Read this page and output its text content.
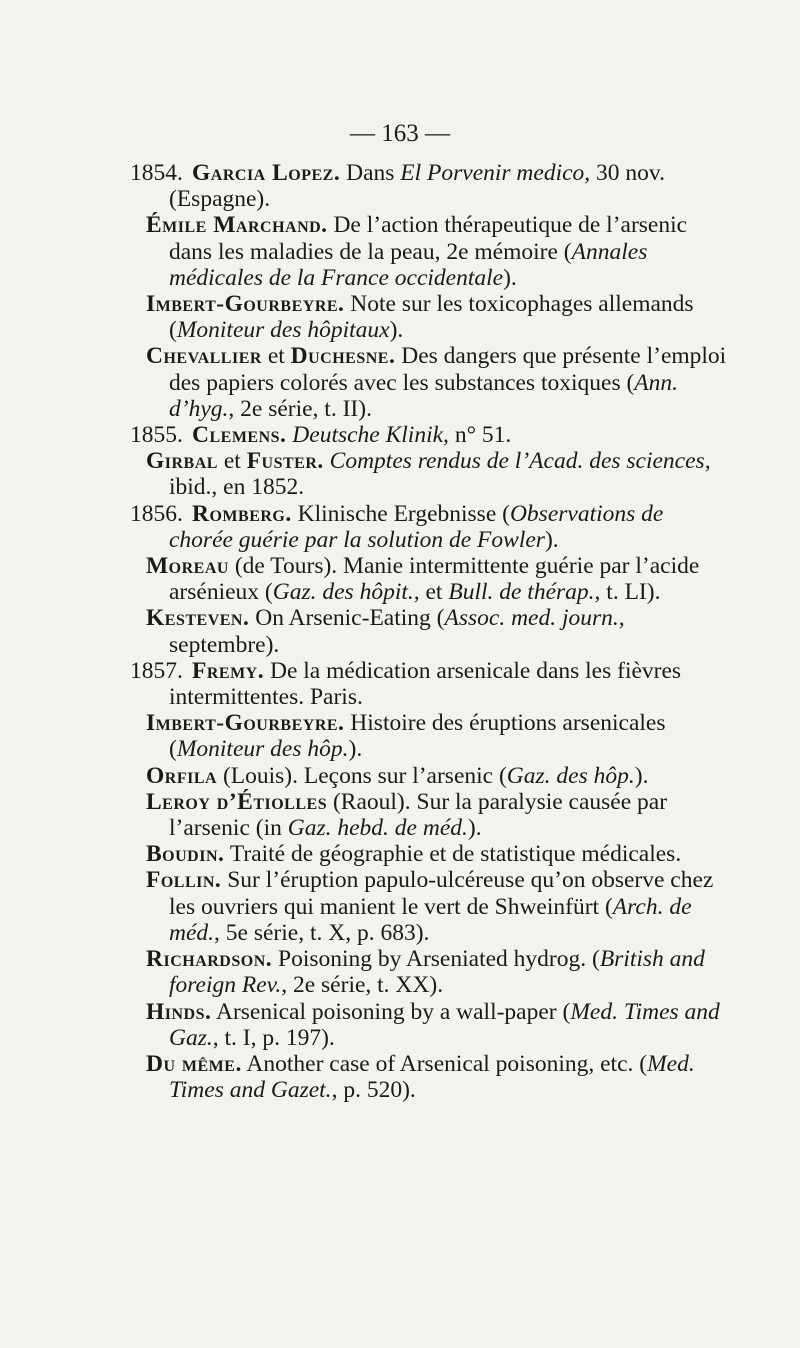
— 163 —

1854. Garcia Lopez. Dans El Porvenir medico, 30 nov. (Espagne).

Émile Marchand. De l’action thérapeutique de l’arsenic dans les maladies de la peau, 2e mémoire (Annales médicales de la France occidentale).

Imbert-Gourbeyre. Note sur les toxicophages allemands (Moniteur des hôpitaux).

Chevallier et Duchesne. Des dangers que présente l’emploi des papiers colorés avec les substances toxiques (Ann. d’hyg., 2e série, t. II).

1855. Clemens. Deutsche Klinik, n° 51.

Girbal et Fuster. Comptes rendus de l’Acad. des sciences, ibid., en 1852.

1856. Romberg. Klinische Ergebnisse (Observations de chorée guérie par la solution de Fowler).

Moreau (de Tours). Manie intermittente guérie par l’acide arsénieux (Gaz. des hôpit., et Bull. de thérap., t. LI).

Kesteven. On Arsenic-Eating (Assoc. med. journ., septembre).

1857. Fremy. De la médication arsenicale dans les fièvres intermittentes. Paris.

Imbert-Gourbeyre. Histoire des éruptions arsenicales (Moniteur des hôp.).

Orfila (Louis). Leçons sur l’arsenic (Gaz. des hôp.).

Leroy d’Étiolles (Raoul). Sur la paralysie causée par l’arsenic (in Gaz. hebd. de méd.).

Boudin. Traité de géographie et de statistique médicales.

Follin. Sur l’éruption papulo-ulcéreuse qu’on observe chez les ouvriers qui manient le vert de Shweinfürt (Arch. de méd., 5e série, t. X, p. 683).

Richardson. Poisoning by Arseniated hydrog. (British and foreign Rev., 2e série, t. XX).

Hinds. Arsenical poisoning by a wall-paper (Med. Times and Gaz., t. I, p. 197).

Du même. Another case of Arsenical poisoning, etc. (Med. Times and Gazet., p. 520).
